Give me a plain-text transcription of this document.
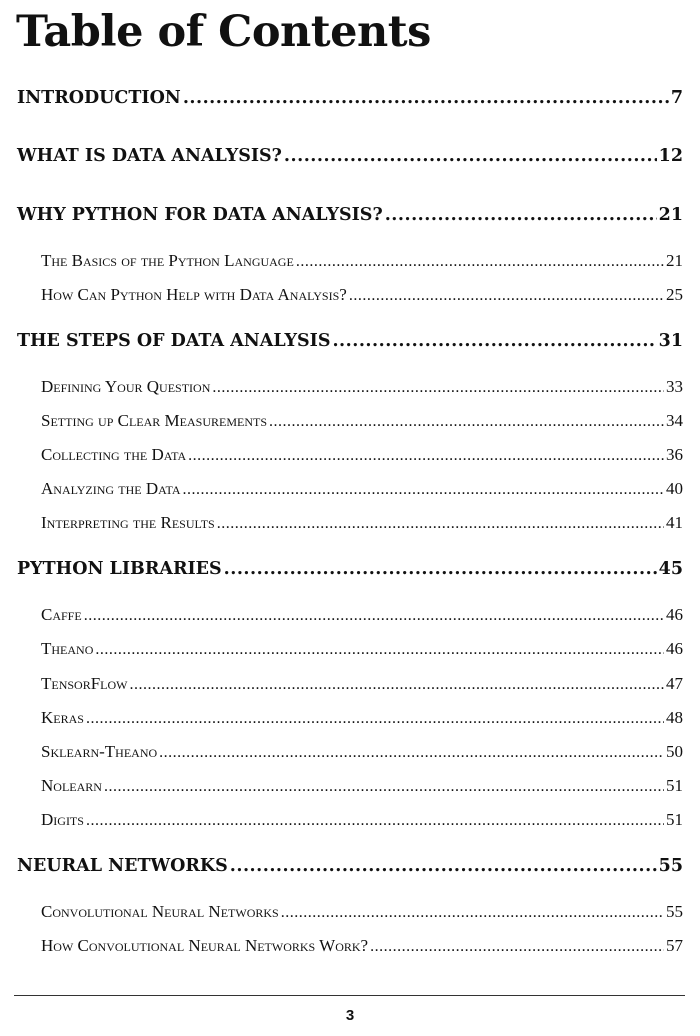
Table of Contents
INTRODUCTION .....	7
WHAT IS DATA ANALYSIS? .....	12
WHY PYTHON FOR DATA ANALYSIS? .....	21
The Basics of the Python Language .....	21
How Can Python Help with Data Analysis? .....	25
THE STEPS OF DATA ANALYSIS .....	31
Defining Your Question .....	33
Setting up Clear Measurements .....	34
Collecting the Data .....	36
Analyzing the Data .....	40
Interpreting the Results .....	41
PYTHON LIBRARIES .....	45
Caffe .....	46
Theano .....	46
TensorFlow .....	47
Keras .....	48
Sklearn-Theano .....	50
Nolearn .....	51
Digits .....	51
NEURAL NETWORKS .....	55
Convolutional Neural Networks .....	55
How Convolutional Neural Networks Work? .....	57
3
